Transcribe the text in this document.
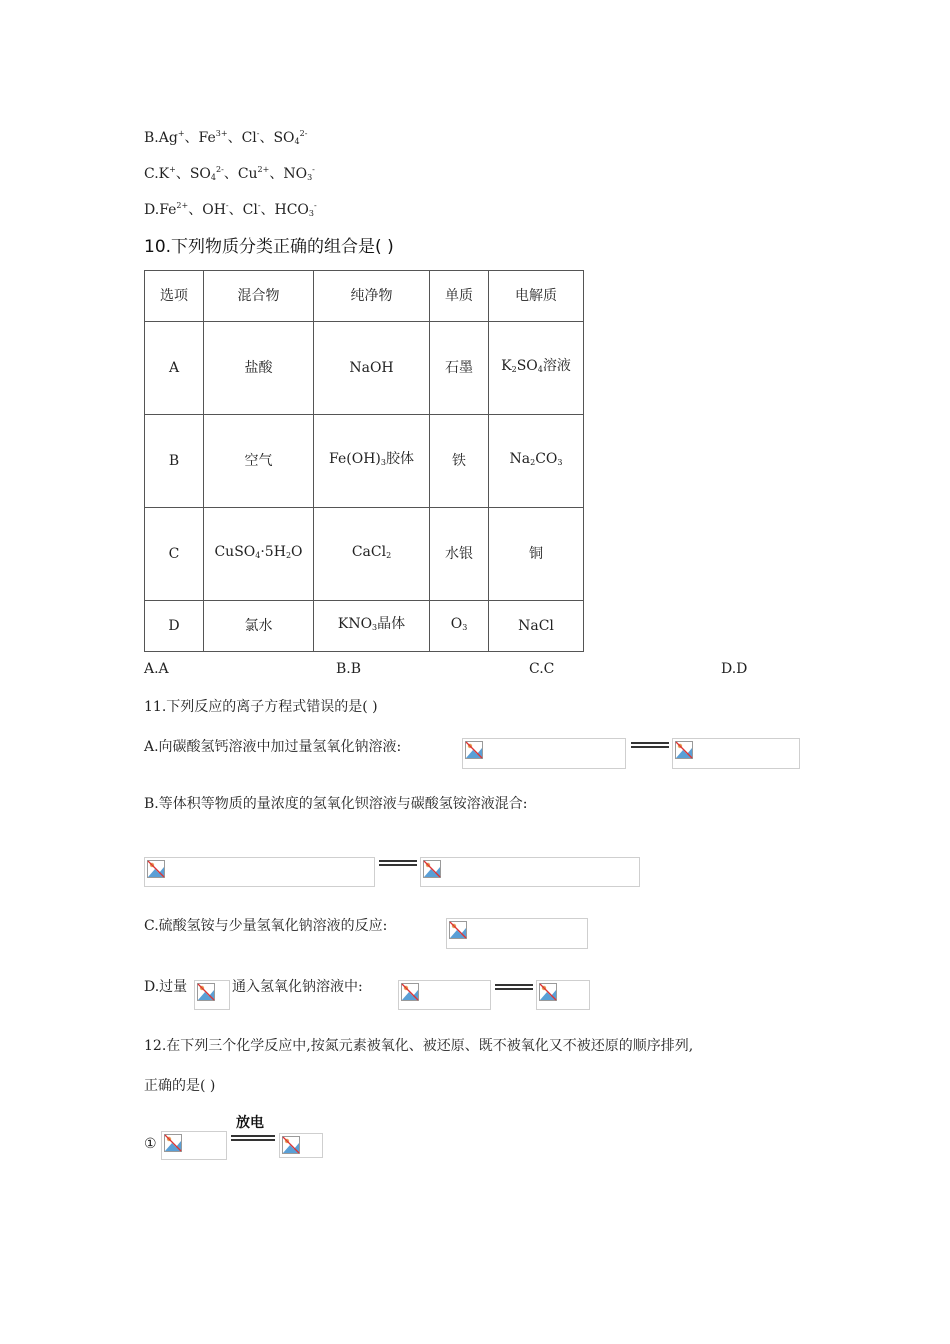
B.Ag+、$Fe^{3+}$、Cl-、$SO_4^{2-}$
C.K+、$SO_4^{2-}$、$Cu^{2+}$、$NO_3^-$
$D.Fe^{2+}$、OH-、Cl-、$HCO_3^-$
10.下列物质分类正确的组合是( )
选项	混合物	纯净物	单质	电解质
A	盐酸	NaOH	石墨	$K_2SO_4$溶液
B	空气	$Fe(OH)_3$胶体	铁	$Na_2CO_3$
C	$CuSO_4\cdot 5H_2O$	CaCl$_2$	水银	铜
D	氯水	$KNO_3$晶体	$O_3$	NaCl
A.A	B.B	C.C	D.D
11.下列反应的离子方程式错误的是( )
A.向碳酸氢钙溶液中加过量氢氧化钠溶液:
B.等体积等物质的量浓度的氢氧化钡溶液与碳酸氢铵溶液混合:
C.硫酸氢铵与少量氢氧化钠溶液的反应:
D.过量	通入氢氧化钠溶液中:
12.在下列三个化学反应中,按氮元素被氧化、被还原、既不被氧化又不被还原的顺序排列,
正确的是( )
①
放电
